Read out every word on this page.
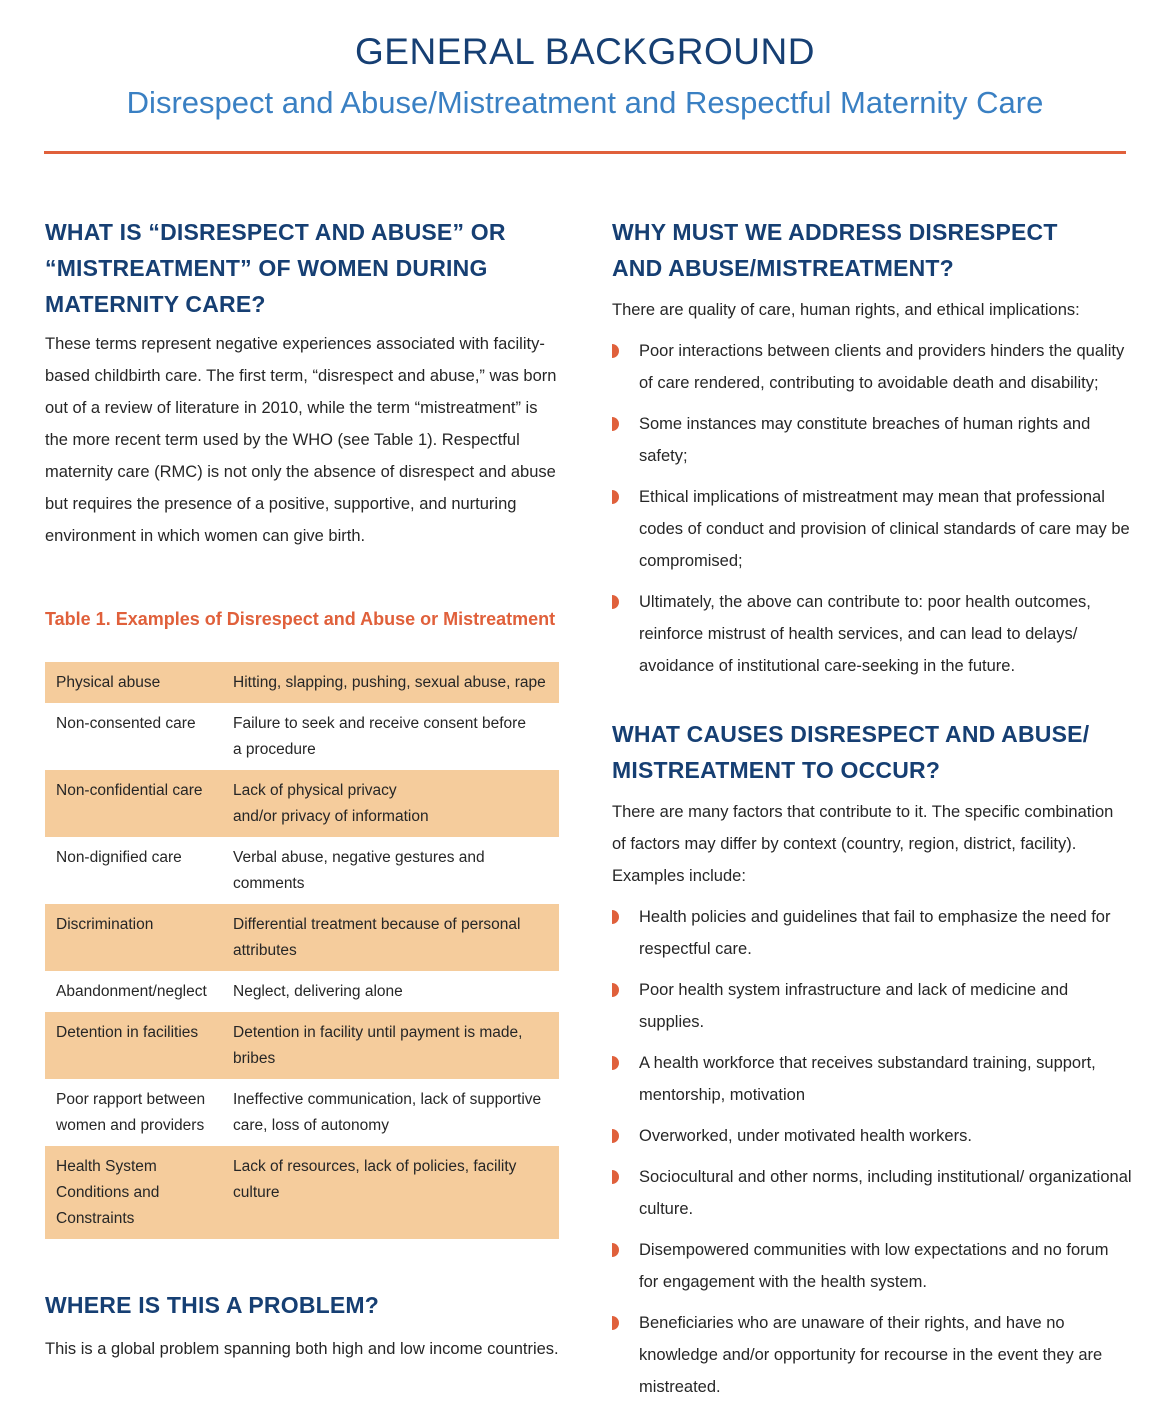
GENERAL BACKGROUND
Disrespect and Abuse/Mistreatment and Respectful Maternity Care
WHAT IS “DISRESPECT AND ABUSE” OR “MISTREATMENT” OF WOMEN DURING MATERNITY CARE?

These terms represent negative experiences associated with facility-based childbirth care. The first term, “disrespect and abuse,” was born out of a review of literature in 2010, while the term “mistreatment” is the more recent term used by the WHO (see Table 1). Respectful maternity care (RMC) is not only the absence of disrespect and abuse but requires the presence of a positive, supportive, and nurturing environment in which women can give birth.

Table 1. Examples of Disrespect and Abuse or Mistreatment
Physical abuse	Hitting, slapping, pushing, sexual abuse, rape
Non-consented care	Failure to seek and receive consent before
a procedure
Non-confidential care	Lack of physical privacy
and/or privacy of information
Non-dignified care	Verbal abuse, negative gestures and comments
Discrimination	Differential treatment because of personal attributes
Abandonment/neglect	Neglect, delivering alone
Detention in facilities	Detention in facility until payment is made, bribes
Poor rapport between women and providers	Ineffective communication, lack of supportive care, loss of autonomy
Health System Conditions and Constraints	Lack of resources, lack of policies, facility culture
WHERE IS THIS A PROBLEM?

This is a global problem spanning both high and low income countries.

WHY MUST WE ADDRESS DISRESPECT AND ABUSE/MISTREATMENT?

There are quality of care, human rights, and ethical implications:

Poor interactions between clients and providers hinders the quality of care rendered, contributing to avoidable death and disability;
Some instances may constitute breaches of human rights and safety;
Ethical implications of mistreatment may mean that professional codes of conduct and provision of clinical standards of care may be compromised;
Ultimately, the above can contribute to: poor health outcomes, reinforce mistrust of health services, and can lead to delays/ avoidance of institutional care-seeking in the future.
WHAT CAUSES DISRESPECT AND ABUSE/ MISTREATMENT TO OCCUR?

There are many factors that contribute to it. The specific combination of factors may differ by context (country, region, district, facility). Examples include:

Health policies and guidelines that fail to emphasize the need for respectful care.
Poor health system infrastructure and lack of medicine and supplies.
A health workforce that receives substandard training, support, mentorship, motivation
Overworked, under motivated health workers.
Sociocultural and other norms, including institutional/ organizational culture.
Disempowered communities with low expectations and no forum for engagement with the health system.
Beneficiaries who are unaware of their rights, and have no knowledge and/or opportunity for recourse in the event they are mistreated.
